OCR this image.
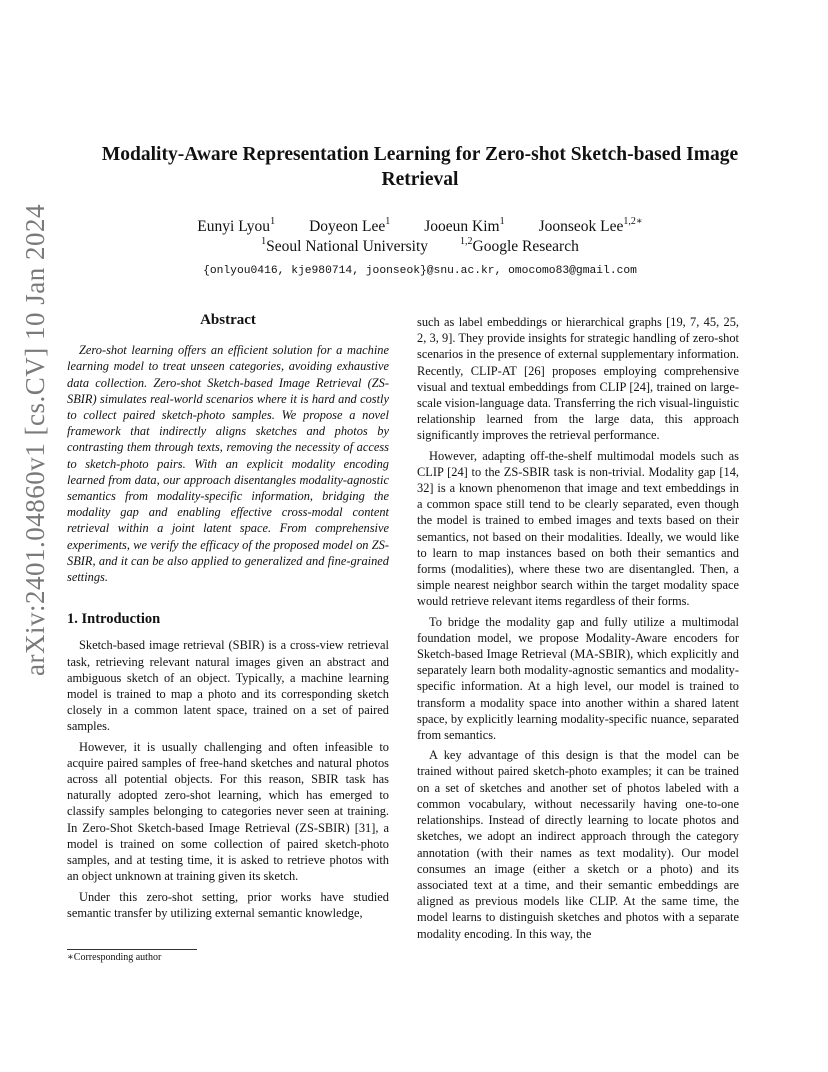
arXiv:2401.04860v1 [cs.CV] 10 Jan 2024
Modality-Aware Representation Learning for Zero-shot Sketch-based Image Retrieval
Eunyi Lyou$^1$ Doyeon Lee$^1$ Jooeun Kim$^1$ Joonseok Lee$^{1,2∗}$
$^1$Seoul National University	$^{1,2}$Google Research
{onlyou0416, kje980714, joonseok}@snu.ac.kr, omocomo83@gmail.com
Abstract

Zero-shot learning offers an efficient solution for a machine learning model to treat unseen categories, avoiding exhaustive data collection. Zero-shot Sketch-based Image Retrieval (ZS-SBIR) simulates real-world scenarios where it is hard and costly to collect paired sketch-photo samples. We propose a novel framework that indirectly aligns sketches and photos by contrasting them through texts, removing the necessity of access to sketch-photo pairs. With an explicit modality encoding learned from data, our approach disentangles modality-agnostic semantics from modality-specific information, bridging the modality gap and enabling effective cross-modal content retrieval within a joint latent space. From comprehensive experiments, we verify the efficacy of the proposed model on ZS-SBIR, and it can be also applied to generalized and fine-grained settings.

1. Introduction

Sketch-based image retrieval (SBIR) is a cross-view retrieval task, retrieving relevant natural images given an abstract and ambiguous sketch of an object. Typically, a machine learning model is trained to map a photo and its corresponding sketch closely in a common latent space, trained on a set of paired samples.

However, it is usually challenging and often infeasible to acquire paired samples of free-hand sketches and natural photos across all potential objects. For this reason, SBIR task has naturally adopted zero-shot learning, which has emerged to classify samples belonging to categories never seen at training. In Zero-Shot Sketch-based Image Retrieval (ZS-SBIR) [31], a model is trained on some collection of paired sketch-photo samples, and at testing time, it is asked to retrieve photos with an object unknown at training given its sketch.

Under this zero-shot setting, prior works have studied semantic transfer by utilizing external semantic knowledge,

such as label embeddings or hierarchical graphs [19, 7, 45, 25, 2, 3, 9]. They provide insights for strategic handling of zero-shot scenarios in the presence of external supplementary information. Recently, CLIP-AT [26] proposes employing comprehensive visual and textual embeddings from CLIP [24], trained on large-scale vision-language data. Transferring the rich visual-linguistic relationship learned from the large data, this approach significantly improves the retrieval performance.

However, adapting off-the-shelf multimodal models such as CLIP [24] to the ZS-SBIR task is non-trivial. Modality gap [14, 32] is a known phenomenon that image and text embeddings in a common space still tend to be clearly separated, even though the model is trained to embed images and texts based on their semantics, not based on their modalities. Ideally, we would like to learn to map instances based on both their semantics and forms (modalities), where these two are disentangled. Then, a simple nearest neighbor search within the target modality space would retrieve relevant items regardless of their forms.

To bridge the modality gap and fully utilize a multimodal foundation model, we propose Modality-Aware encoders for Sketch-based Image Retrieval (MA-SBIR), which explicitly and separately learn both modality-agnostic semantics and modality-specific information. At a high level, our model is trained to transform a modality space into another within a shared latent space, by explicitly learning modality-specific nuance, separated from semantics.

A key advantage of this design is that the model can be trained without paired sketch-photo examples; it can be trained on a set of sketches and another set of photos labeled with a common vocabulary, without necessarily having one-to-one relationships. Instead of directly learning to locate photos and sketches, we adopt an indirect approach through the category annotation (with their names as text modality). Our model consumes an image (either a sketch or a photo) and its associated text at a time, and their semantic embeddings are aligned as previous models like CLIP. At the same time, the model learns to distinguish sketches and photos with a separate modality encoding. In this way, the

∗Corresponding author
